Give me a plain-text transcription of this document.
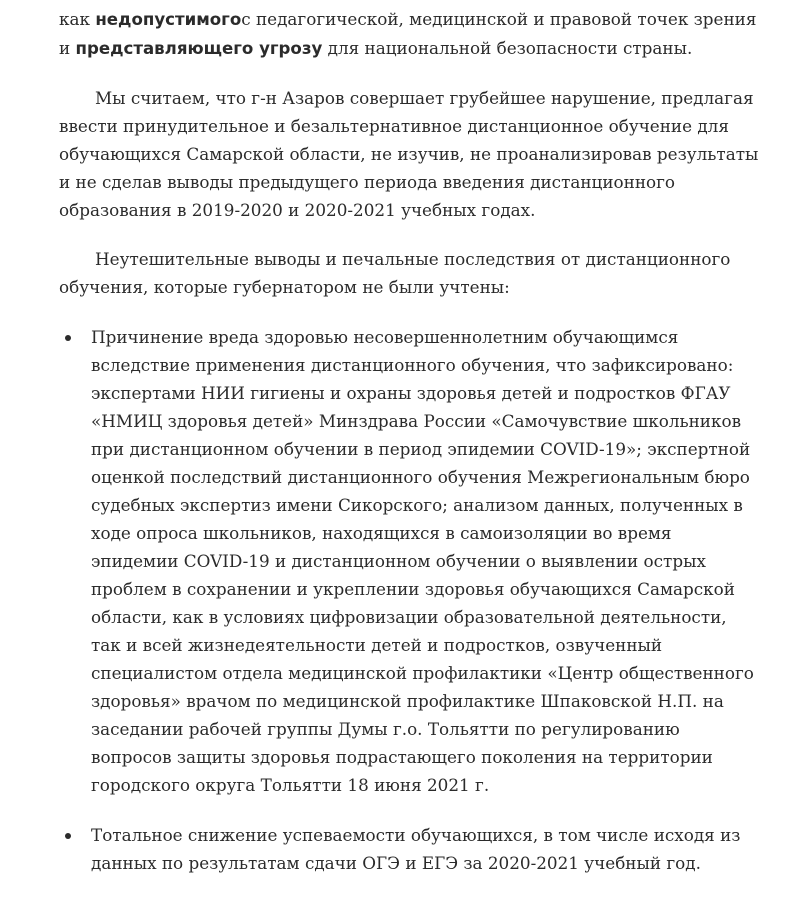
как недопустимогос педагогической, медицинской и правовой точек зрения и представляющего угрозу для национальной безопасности страны.

Мы считаем, что г-н Азаров совершает грубейшее нарушение, предлагая ввести принудительное и безальтернативное дистанционное обучение для обучающихся Самарской области, не изучив, не проанализировав результаты и не сделав выводы предыдущего периода введения дистанционного образования в 2019-2020 и 2020-2021 учебных годах.

Неутешительные выводы и печальные последствия от дистанционного обучения, которые губернатором не были учтены:

Причинение вреда здоровью несовершеннолетним обучающимся вследствие применения дистанционного обучения, что зафиксировано: экспертами НИИ гигиены и охраны здоровья детей и подростков ФГАУ «НМИЦ здоровья детей» Минздрава России «Самочувствие школьников при дистанционном обучении в период эпидемии COVID-19»; экспертной оценкой последствий дистанционного обучения Межрегиональным бюро судебных экспертиз имени Сикорского; анализом данных, полученных в ходе опроса школьников, находящихся в самоизоляции во время эпидемии COVID-19 и дистанционном обучении о выявлении острых проблем в сохранении и укреплении здоровья обучающихся Самарской области, как в условиях цифровизации образовательной деятельности, так и всей жизнедеятельности детей и подростков, озвученный специалистом отдела медицинской профилактики «Центр общественного здоровья» врачом по медицинской профилактике Шпаковской Н.П. на заседании рабочей группы Думы г.о. Тольятти по регулированию вопросов защиты здоровья подрастающего поколения на территории городского округа Тольятти 18 июня 2021 г.
Тотальное снижение успеваемости обучающихся, в том числе исходя из данных по результатам сдачи ОГЭ и ЕГЭ за 2020-2021 учебный год.
